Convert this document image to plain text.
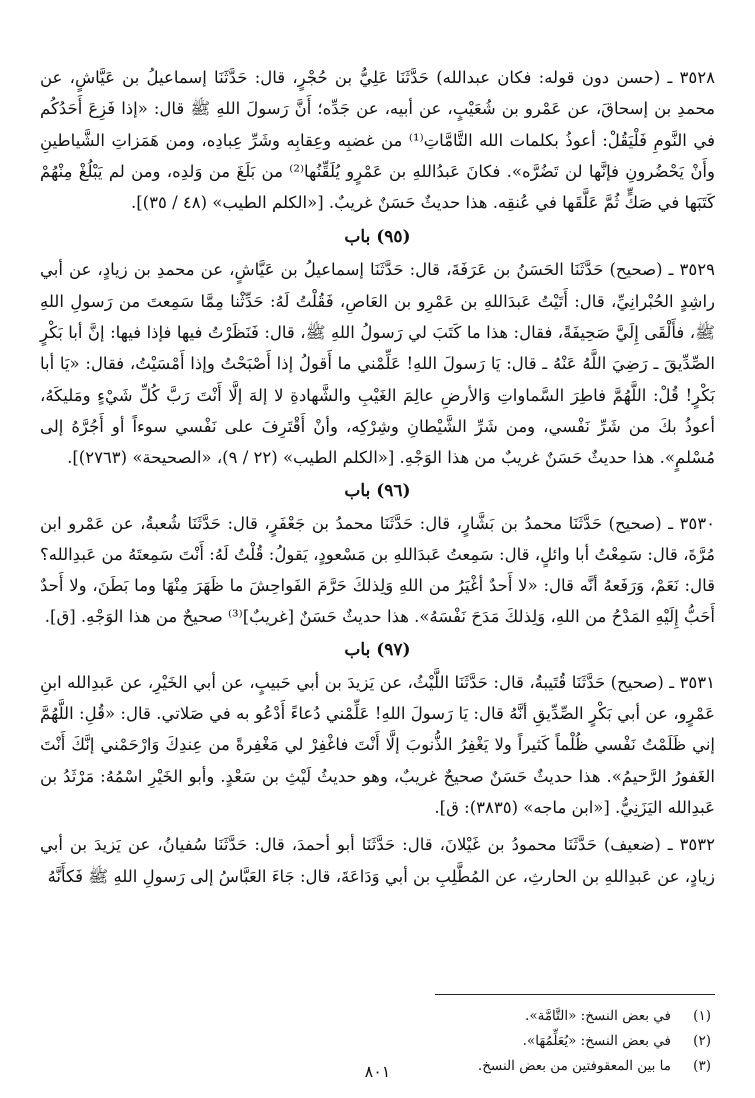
٣٥٢٨ ـ (حسن دون قوله: فكان عبدالله) حَدَّثَنَا عَلِيُّ بن حُجْرٍ، قال: حَدَّثَنَا إسماعيلُ بن عَيَّاشٍ، عن محمدِ بن إسحاقَ، عن عَمْرو بن شُعَيْبٍ، عن أبيه، عن جَدِّه؛ أَنَّ رَسولَ اللهِ ﷺ قال: «إذا فَزِعَ أَحَدُكُم في النَّومِ فَلْيَقُلْ: أعوذُ بكلمات الله التَّامَّاتِ⁽¹⁾ من غضبِه وعِقابِه وشَرِّ عِبادِه، ومن هَمَزاتِ الشَّياطينِ وأَنْ يَحْضُرونِ فإنَّها لن تَضُرَّه». فكانَ عَبدُاللهِ بن عَمْرٍو يُلَقِّنُها⁽²⁾ من بَلَغَ من وَلدِه، ومن لم يَبْلُغْ مِنْهُمْ كَتَبَها في صَكٍّ ثُمَّ عَلَّقَها في عُنقِه. هذا حديثٌ حَسَنٌ غريبٌ. [«الكلم الطيب» (٤٨ / ٣٥)].

(٩٥) باب

٣٥٢٩ ـ (صحيح) حَدَّثَنَا الحَسَنُ بن عَرَفَةَ، قال: حَدَّثَنَا إسماعيلُ بن عَيَّاشٍ، عن محمدِ بن زيادٍ، عن أبي راشِدٍ الحُبْرانِيِّ، قال: أَتَيْتُ عَبدَاللهِ بن عَمْرِو بن العَاصِ، فَقُلْتُ لَهُ: حَدِّثْنا مِمَّا سَمِعتَ من رَسولِ اللهِ ﷺ، فأَلْقَى إِلَيَّ صَحِيفَةً، فقال: هذا ما كَتَبَ لي رَسولُ اللهِ ﷺ، قال: فَنَظَرْتُ فيها فإذا فيها: إنَّ أبا بَكْرٍ الصِّدِّيقَ ـ رَضِيَ اللَّهُ عَنْهُ ـ قال: يَا رَسولَ اللهِ! عَلِّمْني ما أَقولُ إذا أَصْبَحْتُ وإذا أَمْسَيْتُ، فقال: «يَا أبا بَكْرٍ! قُلْ: اللَّهُمَّ فاطِرَ السَّماواتِ وَالأرضِ عالِمَ الغَيْبِ والشَّهادةِ لا إلهَ إلَّا أَنْتَ رَبَّ كُلِّ شَيْءٍ ومَليكَهُ، أعوذُ بكَ من شَرِّ نَفْسي، ومن شَرِّ الشَّيْطانِ وشِرْكِه، وأنْ أَقْتَرِفَ على نَفْسي سوءاً أو أَجُرَّهُ إلى مُسْلمٍ». هذا حديثٌ حَسَنٌ غريبٌ من هذا الوَجْهِ. [«الكلم الطيب» (٢٢ / ٩)، «الصحيحة» (٢٧٦٣)].

(٩٦) باب

٣٥٣٠ ـ (صحيح) حَدَّثَنَا محمدُ بن بَشَّارٍ، قال: حَدَّثَنَا محمدُ بن جَعْفَرٍ، قال: حَدَّثَنَا شُعبةُ، عن عَمْرو ابن مُرَّةَ، قال: سَمِعْتُ أبا وائلٍ، قال: سَمِعتُ عَبدَاللهِ بن مَسْعودٍ، يَقولُ: قُلْتُ لَهُ: أَنْتَ سَمِعتَهُ من عَبدِالله؟ قال: نَعَمْ، وَرَفَعهُ أنَّه قال: «لا أَحدٌ أغْيَرُ من اللهِ وَلِذلكَ حَرَّمَ الفَواحِشَ ما ظَهَرَ مِنْهَا وما بَطَنَ، ولا أَحدٌ أَحَبُّ إِلَيْهِ المَدْحُ من اللهِ، وَلِذلكَ مَدَحَ نَفْسَهُ». هذا حديثٌ حَسَنٌ [غريبٌ]⁽³⁾ صحيحٌ من هذا الوَجْهِ. [ق].

(٩٧) باب

٣٥٣١ ـ (صحيح) حَدَّثَنَا قُتَيبةُ، قال: حَدَّثَنَا اللَّيْثُ، عن يَزيدَ بن أبي حَبيبٍ، عن أبي الخَيْرِ، عن عَبدِالله ابنِ عَمْرٍو، عن أبي بَكْرٍ الصِّدِّيقِ أنَّهُ قال: يَا رَسولَ اللهِ! عَلِّمْني دُعاءً أَدْعُو به في صَلاتي. قال: «قُلِ: اللَّهُمَّ إني ظَلَمْتُ نَفْسي ظُلْماً كَثيراً ولا يَغْفِرُ الذُّنوبَ إلَّا أَنْتَ فاغْفِرْ لي مَغْفِرةً من عِندِكَ وَارْحَمْني إنَّكَ أَنْتَ الغَفورُ الرَّحيمُ». هذا حديثٌ حَسَنٌ صحيحٌ غريبٌ، وهو حديثُ لَيْثِ بن سَعْدٍ. وأبو الخَيْرِ اسْمُهُ: مَرْثَدُ بن عَبدِالله اليَزَنِيُّ. [«ابن ماجه» (٣٨٣٥): ق].

٣٥٣٢ ـ (ضعيف) حَدَّثَنَا محمودُ بن غَيْلانَ، قال: حَدَّثَنَا أبو أحمدَ، قال: حَدَّثَنَا سُفيانُ، عن يَزيدَ بن أبي زيادٍ، عن عَبدِاللهِ بن الحارثِ، عن المُطَّلِبِ بن أبي وَدَاعَةَ، قال: جَاءَ العَبَّاسُ إلى رَسولِ اللهِ ﷺ فَكأَنَّهُ

(١)
في بعض النسخ: «التَّامَّة».
(٢)
في بعض النسخ: «يُعَلِّمُهَا».
(٣)
ما بين المعقوفتين من بعض النسخ.
٨٠١
